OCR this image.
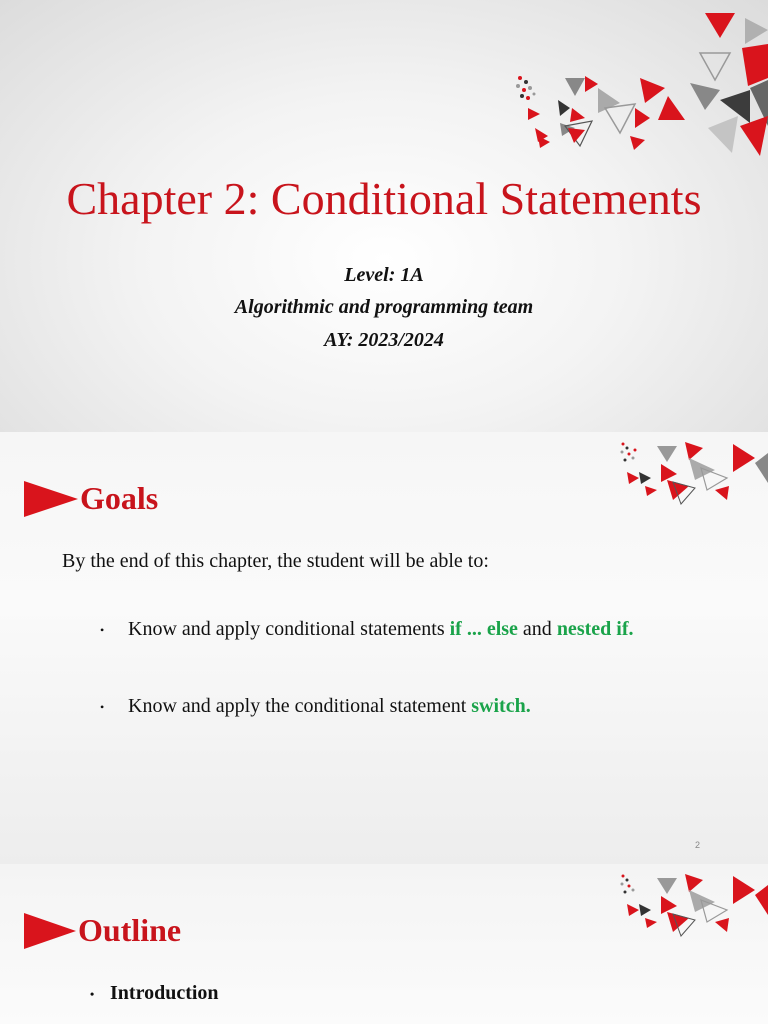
Chapter 2: Conditional Statements

Level: 1A

Algorithmic and programming team

AY: 2023/2024

Goals

By the end of this chapter, the student will be able to:

•	Know and apply conditional statements if ... else and nested if.
•	Know and apply the conditional statement switch.
2
Outline
• Introduction
